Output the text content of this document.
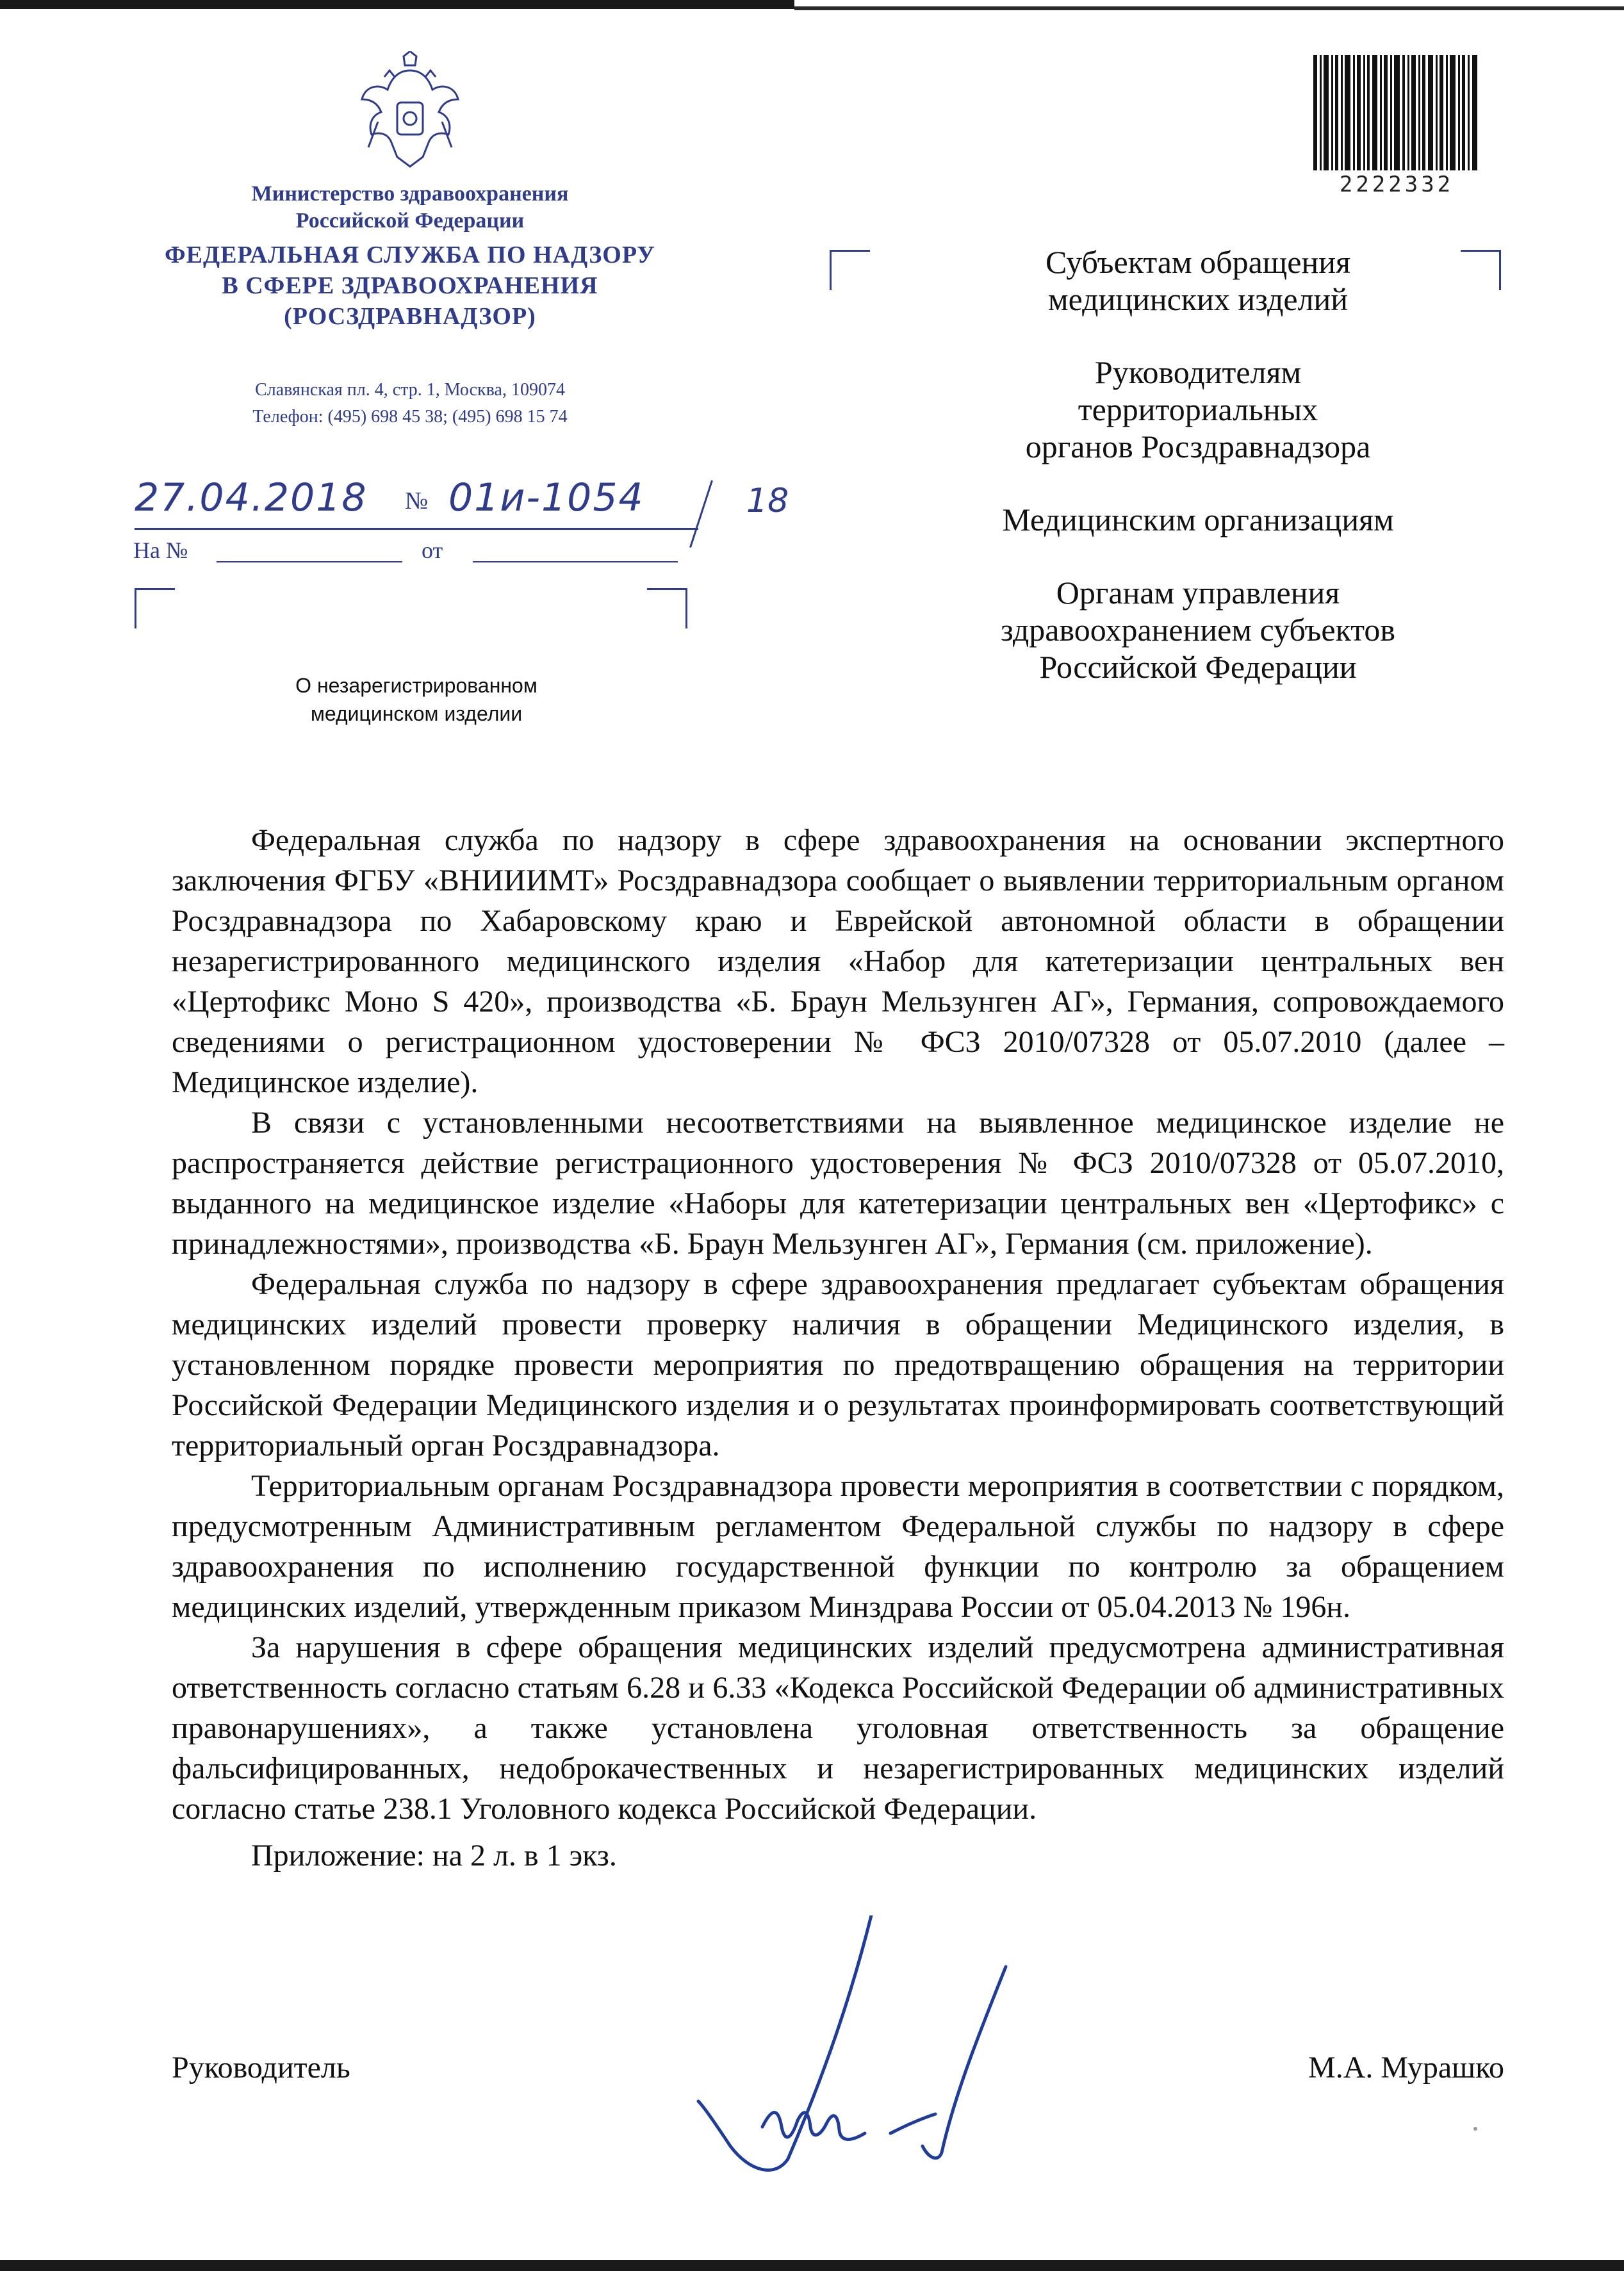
Министерство здравоохранения
Российской Федерации
ФЕДЕРАЛЬНАЯ СЛУЖБА ПО НАДЗОРУ
В СФЕРЕ ЗДРАВООХРАНЕНИЯ
(РОСЗДРАВНАДЗОР)
Славянская пл. 4, стр. 1, Москва, 109074
Телефон: (495) 698 45 38; (495) 698 15 74
2222332
27.04.2018 № 01и-1054	18
На №	от
О незарегистрированном
медицинском изделии
Субъектам обращения
медицинских изделий
Руководителям
территориальных
органов Росздравнадзора
Медицинским организациям
Органам управления
здравоохранением субъектов
Российской Федерации

Федеральная служба по надзору в сфере здравоохранения на основании экспертного заключения ФГБУ «ВНИИИМТ» Росздравнадзора сообщает о выявлении территориальным органом Росздравнадзора по Хабаровскому краю и Еврейской автономной области в обращении незарегистрированного медицинского изделия «Набор для катетеризации центральных вен «Цертофикс Моно S 420», производства «Б. Браун Мельзунген АГ», Германия, сопровождаемого сведениями о регистрационном удостоверении № ФСЗ 2010/07328 от 05.07.2010 (далее – Медицинское изделие).

В связи с установленными несоответствиями на выявленное медицинское изделие не распространяется действие регистрационного удостоверения № ФСЗ 2010/07328 от 05.07.2010, выданного на медицинское изделие «Наборы для катетеризации центральных вен «Цертофикс» с принадлежностями», производства «Б. Браун Мельзунген АГ», Германия (см. приложение).

Федеральная служба по надзору в сфере здравоохранения предлагает субъектам обращения медицинских изделий провести проверку наличия в обращении Медицинского изделия, в установленном порядке провести мероприятия по предотвращению обращения на территории Российской Федерации Медицинского изделия и о результатах проинформировать соответствующий территориальный орган Росздравнадзора.

Территориальным органам Росздравнадзора провести мероприятия в соответствии с порядком, предусмотренным Административным регламентом Федеральной службы по надзору в сфере здравоохранения по исполнению государственной функции по контролю за обращением медицинских изделий, утвержденным приказом Минздрава России от 05.04.2013 № 196н.

За нарушения в сфере обращения медицинских изделий предусмотрена административная ответственность согласно статьям 6.28 и 6.33 «Кодекса Российской Федерации об административных правонарушениях», а также установлена уголовная ответственность за обращение фальсифицированных, недоброкачественных и незарегистрированных медицинских изделий согласно статье 238.1 Уголовного кодекса Российской Федерации.

Приложение: на 2 л. в 1 экз.

Руководитель	М.А. Мурашко
